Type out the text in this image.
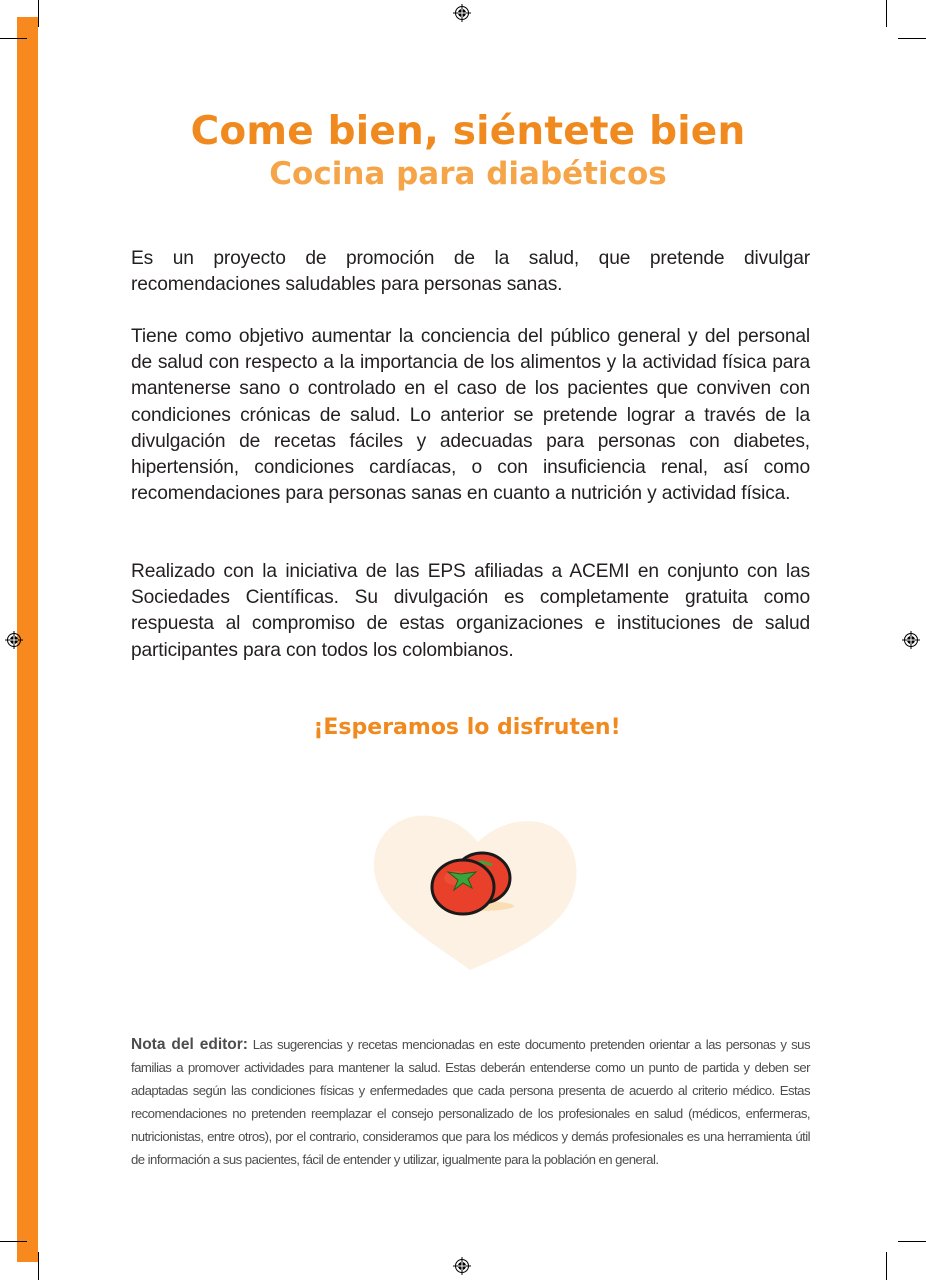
Come bien, siéntete bien
Cocina para diabéticos

Es un proyecto de promoción de la salud, que pretende divulgar recomendaciones saludables para personas sanas.

Tiene como objetivo aumentar la conciencia del público general y del personal de salud con respecto a la importancia de los alimentos y la actividad física para mantenerse sano o controlado en el caso de los pacientes que conviven con condiciones crónicas de salud. Lo anterior se pretende lograr a través de la divulgación de recetas fáciles y adecuadas para personas con diabetes, hipertensión, condiciones cardíacas, o con insuficiencia renal, así como recomendaciones para personas sanas en cuanto a nutrición y actividad física.

Realizado con la iniciativa de las EPS afiliadas a ACEMI en conjunto con las Sociedades Científicas. Su divulgación es completamente gratuita como respuesta al compromiso de estas organizaciones e instituciones de salud participantes para con todos los colombianos.

¡Esperamos lo disfruten!

Nota del editor: Las sugerencias y recetas mencionadas en este documento pretenden orientar a las personas y sus familias a promover actividades para mantener la salud. Estas deberán entenderse como un punto de partida y deben ser adaptadas según las condiciones físicas y enfermedades que cada persona presenta de acuerdo al criterio médico. Estas recomendaciones no pretenden reemplazar el consejo personalizado de los profesionales en salud (médicos, enfermeras, nutricionistas, entre otros), por el contrario, consideramos que para los médicos y demás profesionales es una herramienta útil de información a sus pacientes, fácil de entender y utilizar, igualmente para la población en general.
